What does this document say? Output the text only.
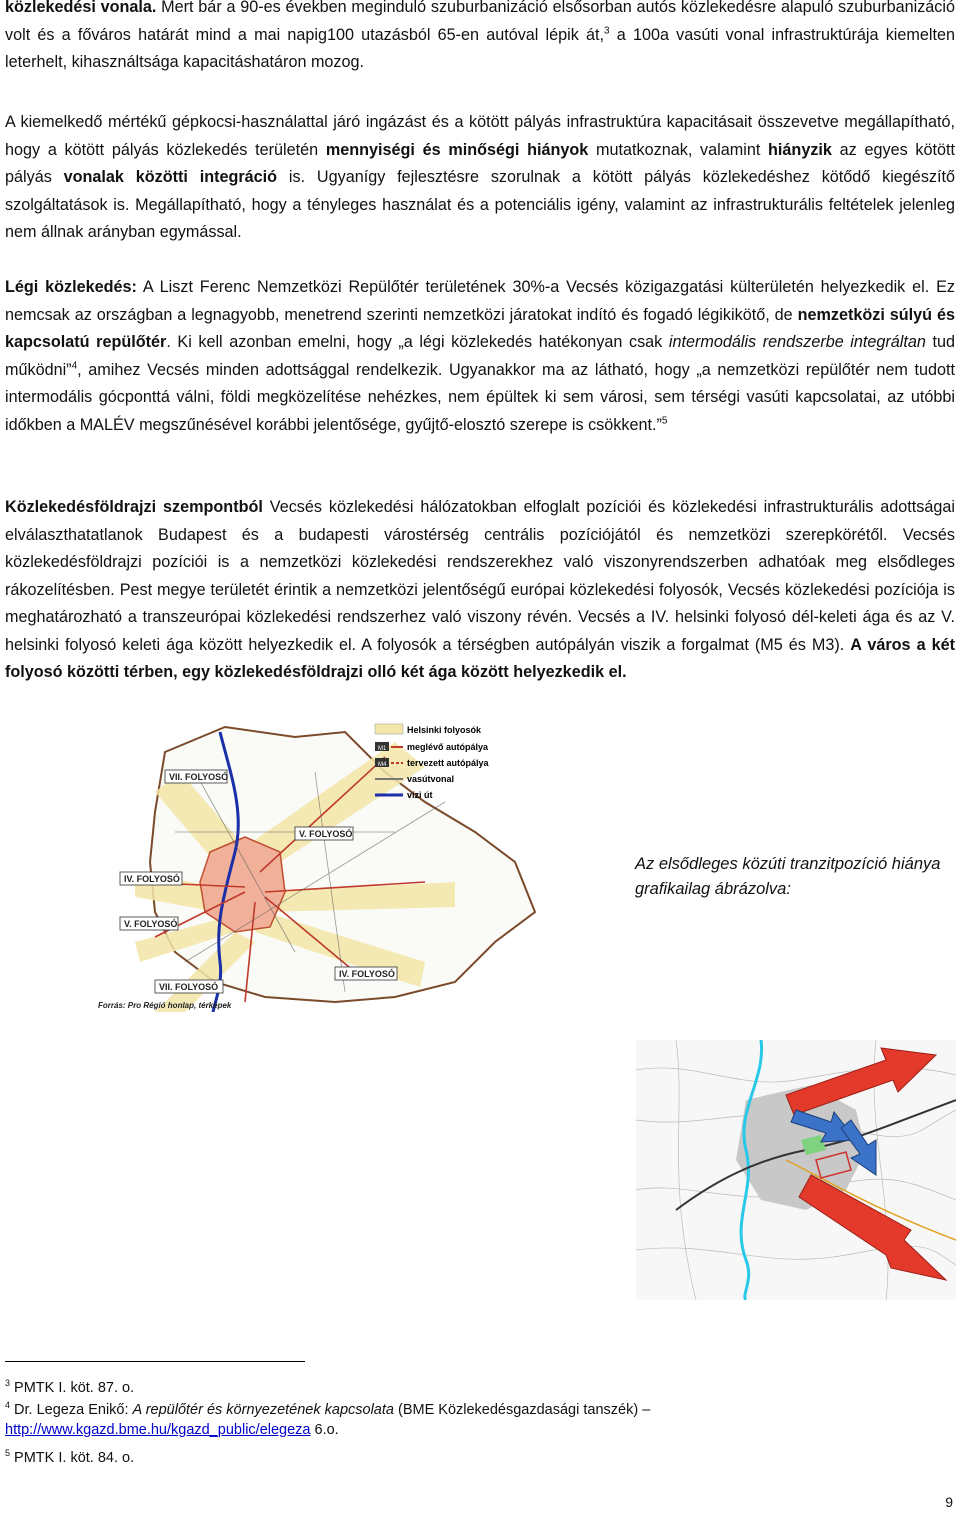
közlekedési vonala. Mert bár a 90-es években meginduló szuburbanizáció elsősorban autós közlekedésre alapuló szuburbanizáció volt és a főváros határát mind a mai napig100 utazásból 65-en autóval lépik át,$^3$ a 100a vasúti vonal infrastruktúrája kiemelten leterhelt, kihasználtsága kapacitáshatáron mozog.

A kiemelkedő mértékű gépkocsi-használattal járó ingázást és a kötött pályás infrastruktúra kapacitásait összevetve megállapítható, hogy a kötött pályás közlekedés területén mennyiségi és minőségi hiányok mutatkoznak, valamint hiányzik az egyes kötött pályás vonalak közötti integráció is. Ugyanígy fejlesztésre szorulnak a kötött pályás közlekedéshez kötődő kiegészítő szolgáltatások is. Megállapítható, hogy a tényleges használat és a potenciális igény, valamint az infrastrukturális feltételek jelenleg nem állnak arányban egymással.

Légi közlekedés: A Liszt Ferenc Nemzetközi Repülőtér területének 30%-a Vecsés közigazgatási külterületén helyezkedik el. Ez nemcsak az országban a legnagyobb, menetrend szerinti nemzetközi járatokat indító és fogadó légikikötő, de nemzetközi súlyú és kapcsolatú repülőtér. Ki kell azonban emelni, hogy „a légi közlekedés hatékonyan csak intermodális rendszerbe integráltan tud működni”$^4$, amihez Vecsés minden adottsággal rendelkezik. Ugyanakkor ma az látható, hogy „a nemzetközi repülőtér nem tudott intermodális gócponttá válni, földi megközelítése nehézkes, nem épültek ki sem városi, sem térségi vasúti kapcsolatai, az utóbbi időkben a MALÉV megszűnésével korábbi jelentősége, gyűjtő-elosztó szerepe is csökkent.”$^5$

Közlekedésföldrajzi szempontból Vecsés közlekedési hálózatokban elfoglalt pozíciói és közlekedési infrastrukturális adottságai elválaszthatatlanok Budapest és a budapesti várostérség centrális pozíciójától és nemzetközi szerepkörétől. Vecsés közlekedésföldrajzi pozíciói is a nemzetközi közlekedési rendszerekhez való viszonyrendszerben adhatóak meg elsődleges rákozelítésben. Pest megye területét érintik a nemzetközi jelentőségű európai közlekedési folyosók, Vecsés közlekedési pozíciója is meghatározható a transzeurópai közlekedési rendszerhez való viszony révén. Vecsés a IV. helsinki folyosó dél-keleti ága és az V. helsinki folyosó keleti ága között helyezkedik el. A folyosók a térségben autópályán viszik a forgalmat (M5 és M3). A város a két folyosó közötti térben, egy közlekedésföldrajzi olló két ága között helyezkedik el.

Helsinki folyosók
M1 meglévő autópálya
M4 tervezett autópálya
vasútvonal
vízi út
VII. FOLYOSÓ
V. FOLYOSÓ
IV. FOLYOSÓ
V. FOLYOSÓ
IV. FOLYOSÓ
VII. FOLYOSÓ
Forrás: Pro Régió honlap, térképek
Az elsődleges közúti tranzitpozíció hiánya grafikailag ábrázolva:
$^3$ PMTK I. köt. 87. o.
$^4$ Dr. Legeza Enikő: A repülőtér és környezetének kapcsolata (BME Közlekedésgazdasági tanszék) –
http://www.kgazd.bme.hu/kgazd_public/elegeza 6.o.
$^5$ PMTK I. köt. 84. o.
9
